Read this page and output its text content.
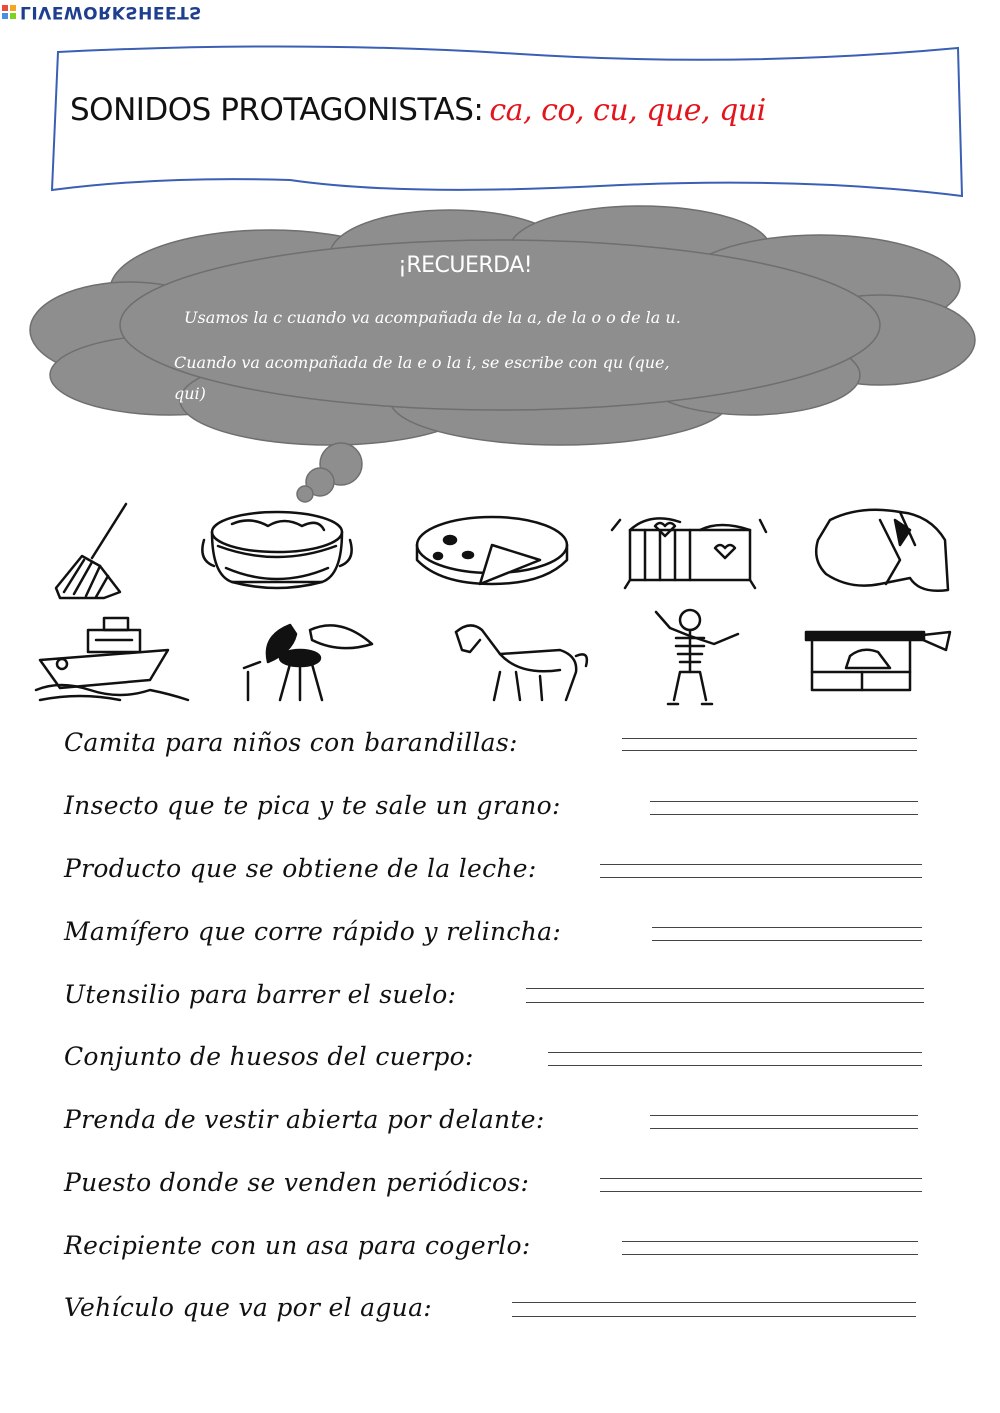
LIVEWORKSHEETS
SONIDOS PROTAGONISTAS: ca, co, cu, que, qui
¡RECUERDA!
Usamos la c cuando va acompañada de la a, de la o o de la u.
Cuando va acompañada de la e o la i, se escribe con qu (que,
qui)
Camita para niños con barandillas:
Insecto que te pica y te sale un grano:
Producto que se obtiene de la leche:
Mamífero que corre rápido y relincha:
Utensilio para barrer el suelo:
Conjunto de huesos del cuerpo:
Prenda de vestir abierta por delante:
Puesto donde se venden periódicos:
Recipiente con un asa para cogerlo:
Vehículo que va por el agua:
